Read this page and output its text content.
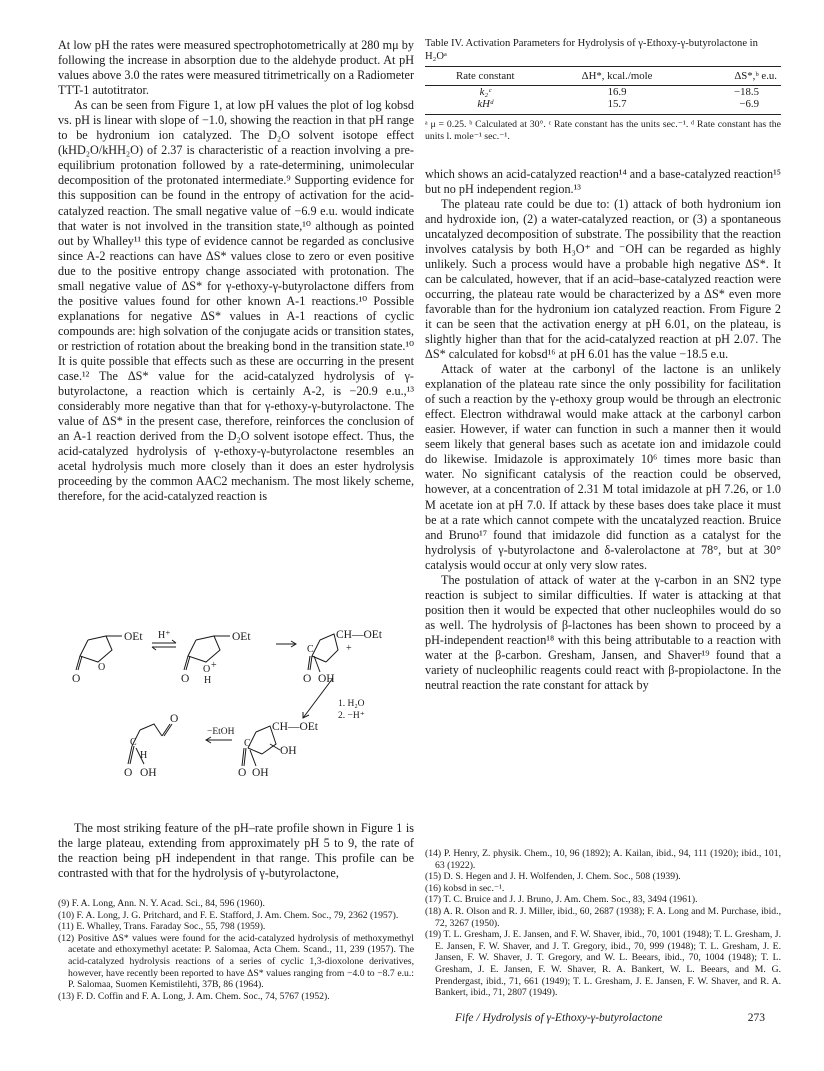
At low pH the rates were measured spectrophotometrically at 280 mμ by following the increase in absorption due to the aldehyde product. At pH values above 3.0 the rates were measured titrimetrically on a Radiometer TTT-1 autotitrator.

As can be seen from Figure 1, at low pH values the plot of log kobsd vs. pH is linear with slope of −1.0, showing the reaction in that pH range to be hydronium ion catalyzed. The D₂O solvent isotope effect (kHD₂O/kHH₂O) of 2.37 is characteristic of a reaction involving a pre-equilibrium protonation followed by a rate-determining, unimolecular decomposition of the protonated intermediate.⁹ Supporting evidence for this supposition can be found in the entropy of activation for the acid-catalyzed reaction. The small negative value of −6.9 e.u. would indicate that water is not involved in the transition state,¹⁰ although as pointed out by Whalley¹¹ this type of evidence cannot be regarded as conclusive since A-2 reactions can have ΔS* values close to zero or even positive due to the positive entropy change associated with protonation. The small negative value of ΔS* for γ-ethoxy-γ-butyrolactone differs from the positive values found for other known A-1 reactions.¹⁰ Possible explanations for negative ΔS* values in A-1 reactions of cyclic compounds are: high solvation of the conjugate acids or transition states, or restriction of rotation about the breaking bond in the transition state.¹⁰ It is quite possible that effects such as these are occurring in the present case.¹² The ΔS* value for the acid-catalyzed hydrolysis of γ-butyrolactone, a reaction which is certainly A-2, is −20.9 e.u.,¹³ considerably more negative than that for γ-ethoxy-γ-butyrolactone. The value of ΔS* in the present case, therefore, reinforces the conclusion of an A-1 reaction derived from the D₂O solvent isotope effect. Thus, the acid-catalyzed hydrolysis of γ-ethoxy-γ-butyrolactone resembles an acetal hydrolysis much more closely than it does an ester hydrolysis proceeding by the common AAC2 mechanism. The most likely scheme, therefore, for the acid-catalyzed reaction is

OEt H⁺
O
O
OEt
O +
H
O
CH—OEt
+
C
O OH
1. H₂O
2. −H⁺
CH—OEt
C
OH
O OH
−EtOH
O
C
H
O OH

The most striking feature of the pH–rate profile shown in Figure 1 is the large plateau, extending from approximately pH 5 to 9, the rate of the reaction being pH independent in that range. This profile can be contrasted with that for the hydrolysis of γ-butyrolactone,

(9) F. A. Long, Ann. N. Y. Acad. Sci., 84, 596 (1960).

(10) F. A. Long, J. G. Pritchard, and F. E. Stafford, J. Am. Chem. Soc., 79, 2362 (1957).

(11) E. Whalley, Trans. Faraday Soc., 55, 798 (1959).

(12) Positive ΔS* values were found for the acid-catalyzed hydrolysis of methoxymethyl acetate and ethoxymethyl acetate: P. Salomaa, Acta Chem. Scand., 11, 239 (1957). The acid-catalyzed hydrolysis reactions of a series of cyclic 1,3-dioxolone derivatives, however, have recently been reported to have ΔS* values ranging from −4.0 to −8.7 e.u.: P. Salomaa, Suomen Kemistilehti, 37B, 86 (1964).

(13) F. D. Coffin and F. A. Long, J. Am. Chem. Soc., 74, 5767 (1952).

Table IV. Activation Parameters for Hydrolysis of γ-Ethoxy-γ-butyrolactone in H₂Oᵃ

Rate constant	ΔH*, kcal./mole	ΔS*,ᵇ e.u.

k₂ᶜ	16.9	−18.5
kHᵈ	15.7	−6.9

ᵃ μ = 0.25. ᵇ Calculated at 30°. ᶜ Rate constant has the units sec.⁻¹. ᵈ Rate constant has the units l. mole⁻¹ sec.⁻¹.

which shows an acid-catalyzed reaction¹⁴ and a base-catalyzed reaction¹⁵ but no pH independent region.¹³

The plateau rate could be due to: (1) attack of both hydronium ion and hydroxide ion, (2) a water-catalyzed reaction, or (3) a spontaneous uncatalyzed decomposition of substrate. The possibility that the reaction involves catalysis by both H₃O⁺ and ⁻OH can be regarded as highly unlikely. Such a process would have a probable high negative ΔS*. It can be calculated, however, that if an acid–base-catalyzed reaction were occurring, the plateau rate would be characterized by a ΔS* even more favorable than for the hydronium ion catalyzed reaction. From Figure 2 it can be seen that the activation energy at pH 6.01, on the plateau, is slightly higher than that for the acid-catalyzed reaction at pH 2.07. The ΔS* calculated for kobsd¹⁶ at pH 6.01 has the value −18.5 e.u.

Attack of water at the carbonyl of the lactone is an unlikely explanation of the plateau rate since the only possibility for facilitation of such a reaction by the γ-ethoxy group would be through an electronic effect. Electron withdrawal would make attack at the carbonyl carbon easier. However, if water can function in such a manner then it would seem likely that general bases such as acetate ion and imidazole could do likewise. Imidazole is approximately 10⁶ times more basic than water. No significant catalysis of the reaction could be observed, however, at a concentration of 2.31 M total imidazole at pH 7.26, or 1.0 M acetate ion at pH 7.0. If attack by these bases does take place it must be at a rate which cannot compete with the uncatalyzed reaction. Bruice and Bruno¹⁷ found that imidazole did function as a catalyst for the hydrolysis of γ-butyrolactone and δ-valerolactone at 78°, but at 30° catalysis would occur at only very slow rates.

The postulation of attack of water at the γ-carbon in an SN2 type reaction is subject to similar difficulties. If water is attacking at that position then it would be expected that other nucleophiles would do so as well. The hydrolysis of β-lactones has been shown to proceed by a pH-independent reaction¹⁸ with this being attributable to a reaction with water at the β-carbon. Gresham, Jansen, and Shaver¹⁹ found that a variety of nucleophilic reagents could react with β-propiolactone. In the neutral reaction the rate constant for attack by

(14) P. Henry, Z. physik. Chem., 10, 96 (1892); A. Kailan, ibid., 94, 111 (1920); ibid., 101, 63 (1922).

(15) D. S. Hegen and J. H. Wolfenden, J. Chem. Soc., 508 (1939).

(16) kobsd in sec.⁻¹.

(17) T. C. Bruice and J. J. Bruno, J. Am. Chem. Soc., 83, 3494 (1961).

(18) A. R. Olson and R. J. Miller, ibid., 60, 2687 (1938); F. A. Long and M. Purchase, ibid., 72, 3267 (1950).

(19) T. L. Gresham, J. E. Jansen, and F. W. Shaver, ibid., 70, 1001 (1948); T. L. Gresham, J. E. Jansen, F. W. Shaver, and J. T. Gregory, ibid., 70, 999 (1948); T. L. Gresham, J. E. Jansen, F. W. Shaver, J. T. Gregory, and W. L. Beears, ibid., 70, 1004 (1948); T. L. Gresham, J. E. Jansen, F. W. Shaver, R. A. Bankert, W. L. Beears, and M. G. Prendergast, ibid., 71, 661 (1949); T. L. Gresham, J. E. Jansen, F. W. Shaver, and R. A. Bankert, ibid., 71, 2807 (1949).

Fife / Hydrolysis of γ-Ethoxy-γ-butyrolactone	273
